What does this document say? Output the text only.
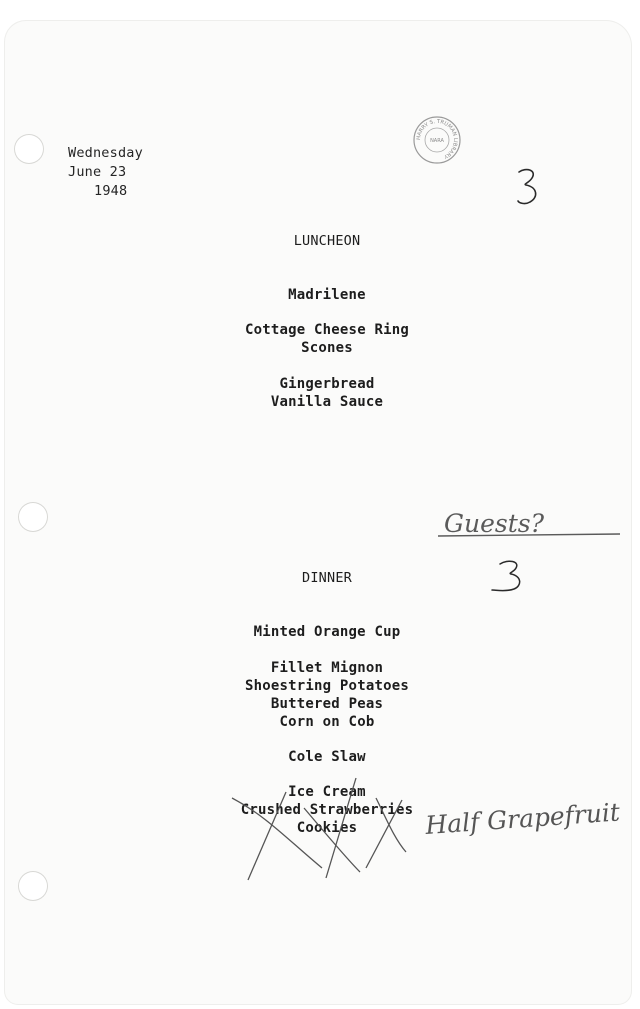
Wednesday
June 23
1948
HARRY S. TRUMAN LIBRARY
NARA
3
LUNCHEON
Madrilene
Cottage Cheese Ring
Scones
Gingerbread
Vanilla Sauce
Guests?
3
DINNER
Minted Orange Cup
Fillet Mignon
Shoestring Potatoes
Buttered Peas
Corn on Cob
Cole Slaw
Ice Cream
Crushed Strawberries
Cookies	Half Grapefruit
